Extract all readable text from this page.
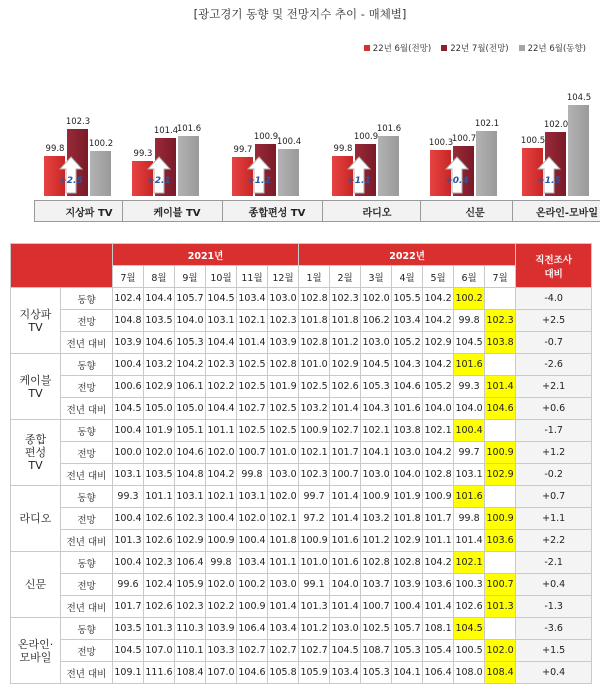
[광고경기 동향 및 전망지수 추이 - 매체별]
22년 6월(전망) 22년 7월(전망) 22년 6월(동향)
99.8
102.3
100.2
+2.5
지상파 TV
99.3
101.4
101.6
+2.1
케이블 TV
99.7
100.9
100.4
+1.2
종합편성 TV
99.8
100.9
101.6
+1.1
라디오
100.3
100.7
102.1
+0.4
신문
100.5
102.0
104.5
+1.5
온라인-모바일
		2021년						2022년							직전조사
대비

		7월	8월	9월	10월	11월	12월	1월	2월	3월	4월	5월	6월	7월	

지상파
TV	동향	102.4	104.4	105.7	104.5	103.4	103.0	102.8	102.3	102.0	105.5	104.2	100.2		-4.0
	전망	104.8	103.5	104.0	103.1	102.1	102.3	101.8	101.8	106.2	103.4	104.2	99.8	102.3	+2.5
	전년 대비	103.9	104.6	105.3	104.4	101.4	103.9	102.8	101.2	103.0	105.2	102.9	104.5	103.8	-0.7

케이블
TV	동향	100.4	103.2	104.2	102.3	102.5	102.8	101.0	102.9	104.5	104.3	104.2	101.6		-2.6
	전망	100.6	102.9	106.1	102.2	102.5	101.9	102.5	102.6	105.3	104.6	105.2	99.3	101.4	+2.1
	전년 대비	104.5	105.0	105.0	104.4	102.7	102.5	103.2	101.4	104.3	101.6	104.0	104.0	104.6	+0.6

종합
편성
TV	동향	100.4	101.9	105.1	101.1	102.5	102.5	100.9	102.7	102.1	103.8	102.1	100.4		-1.7
	전망	100.0	102.0	104.6	102.0	100.7	101.0	102.1	101.7	104.1	103.0	104.2	99.7	100.9	+1.2
	전년 대비	103.1	103.5	104.8	104.2	99.8	103.0	102.3	100.7	103.0	104.0	102.8	103.1	102.9	-0.2

라디오	동향	99.3	101.1	103.1	102.1	103.1	102.0	99.7	101.4	100.9	101.9	100.9	101.6		+0.7
	전망	100.4	102.6	102.3	100.4	102.0	102.1	97.2	101.4	103.2	101.8	101.7	99.8	100.9	+1.1
	전년 대비	101.3	102.6	102.9	100.9	100.4	101.8	100.9	101.6	101.2	102.9	101.1	101.4	103.6	+2.2

신문	동향	100.4	102.3	106.4	99.8	103.4	101.1	101.0	101.6	102.8	102.8	104.2	102.1		-2.1
	전망	99.6	102.4	105.9	102.0	100.2	103.0	99.1	104.0	103.7	103.9	103.6	100.3	100.7	+0.4
	전년 대비	101.7	102.6	102.3	102.2	100.9	101.4	101.3	101.4	100.7	100.4	101.4	102.6	101.3	-1.3

온라인·
모바일	동향	103.5	101.3	110.3	103.9	106.4	103.4	101.2	103.0	102.5	105.7	108.1	104.5		-3.6
	전망	104.5	107.0	110.1	103.3	102.7	102.7	102.7	104.5	108.7	105.3	105.4	100.5	102.0	+1.5
	전년 대비	109.1	111.6	108.4	107.0	104.6	105.8	105.9	103.4	105.3	104.1	106.4	108.0	108.4	+0.4
